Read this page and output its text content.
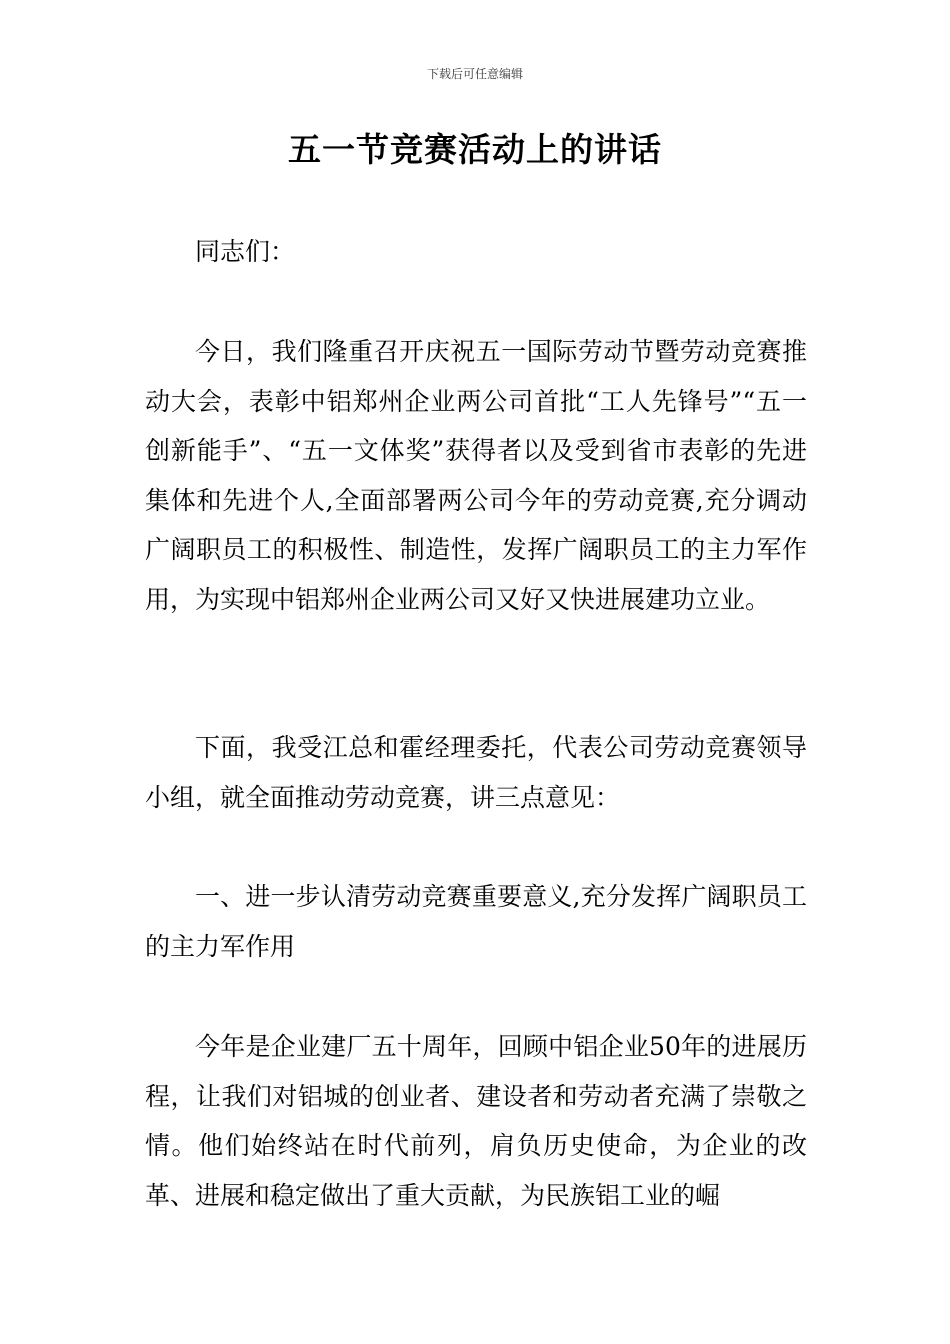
下载后可任意编辑
五一节竞赛活动上的讲话

同志们：

今日，我们隆重召开庆祝五一国际劳动节暨劳动竞赛推动大会，表彰中铝郑州企业两公司首批“工人先锋号”“五一创新能手”、“五一文体奖”获得者以及受到省市表彰的先进集体和先进个人,全面部署两公司今年的劳动竞赛,充分调动广阔职员工的积极性、制造性，发挥广阔职员工的主力军作用，为实现中铝郑州企业两公司又好又快进展建功立业。

下面，我受江总和霍经理委托，代表公司劳动竞赛领导小组，就全面推动劳动竞赛，讲三点意见：

一、进一步认清劳动竞赛重要意义,充分发挥广阔职员工的主力军作用

今年是企业建厂五十周年，回顾中铝企业50年的进展历程，让我们对铝城的创业者、建设者和劳动者充满了崇敬之情。他们始终站在时代前列，肩负历史使命，为企业的改革、进展和稳定做出了重大贡献，为民族铝工业的崛
